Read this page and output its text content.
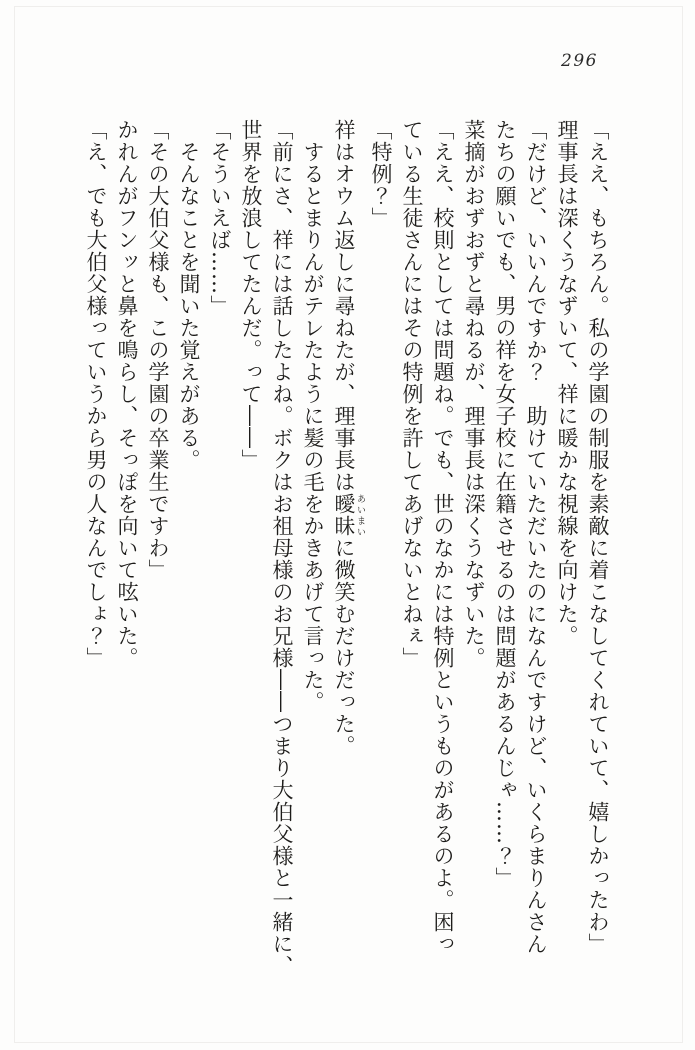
296

「ええ、もちろん。私の学園の制服を素敵に着こなしてくれていて、嬉しかったわ」

理事長は深くうなずいて、祥に暖かな視線を向けた。

「だけど、いいんですか？　助けていただいたのになんですけど、いくらまりんさん

たちの願いでも、男の祥を女子校に在籍させるのは問題があるんじゃ……？」

菜摘がおずおずと尋ねるが、理事長は深くうなずいた。

「ええ、校則としては問題ね。でも、世のなかには特例というものがあるのよ。困っ

ている生徒さんにはその特例を許してあげないとねぇ」

「特例？」

祥はオウム返しに尋ねたが、理事長は曖昧 あいまいに微笑むだけだった。

するとまりんがテレたように髪の毛をかきあげて言った。

「前にさ、祥には話したよね。ボクはお祖母様のお兄様――つまり大伯父様と一緒に、

世界を放浪してたんだ。って――」

「そういえば……」

そんなことを聞いた覚えがある。

「その大伯父様も、この学園の卒業生ですわ」

かれんがフンッと鼻を鳴らし、そっぽを向いて呟いた。

「え、でも大伯父様っていうから男の人なんでしょ？」
